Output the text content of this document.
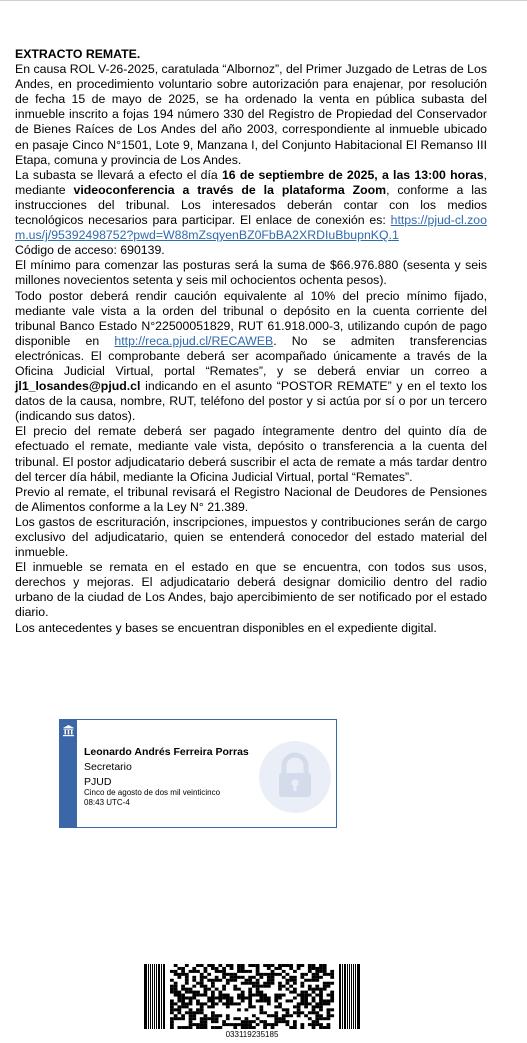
EXTRACTO REMATE.

En causa ROL V-26-2025, caratulada “Albornoz”, del Primer Juzgado de Letras de Los Andes, en procedimiento voluntario sobre autorización para enajenar, por resolución de fecha 15 de mayo de 2025, se ha ordenado la venta en pública subasta del inmueble inscrito a fojas 194 número 330 del Registro de Propiedad del Conservador de Bienes Raíces de Los Andes del año 2003, correspondiente al inmueble ubicado en pasaje Cinco N°1501, Lote 9, Manzana I, del Conjunto Habitacional El Remanso III Etapa, comuna y provincia de Los Andes.

La subasta se llevará a efecto el día 16 de septiembre de 2025, a las 13:00 horas, mediante videoconferencia a través de la plataforma Zoom, conforme a las instrucciones del tribunal. Los interesados deberán contar con los medios tecnológicos necesarios para participar. El enlace de conexión es: https://pjud-cl.zoom.us/j/95392498752?pwd=W88mZsqyenBZ0FbBA2XRDIuBbupnKQ.1

Código de acceso: 690139.

El mínimo para comenzar las posturas será la suma de $66.976.880 (sesenta y seis millones novecientos setenta y seis mil ochocientos ochenta pesos).

Todo postor deberá rendir caución equivalente al 10% del precio mínimo fijado, mediante vale vista a la orden del tribunal o depósito en la cuenta corriente del tribunal Banco Estado N°22500051829, RUT 61.918.000-3, utilizando cupón de pago disponible en http://reca.pjud.cl/RECAWEB. No se admiten transferencias electrónicas. El comprobante deberá ser acompañado únicamente a través de la Oficina Judicial Virtual, portal “Remates”, y se deberá enviar un correo a jl1_losandes@pjud.cl indicando en el asunto “POSTOR REMATE” y en el texto los datos de la causa, nombre, RUT, teléfono del postor y si actúa por sí o por un tercero (indicando sus datos).

El precio del remate deberá ser pagado íntegramente dentro del quinto día de efectuado el remate, mediante vale vista, depósito o transferencia a la cuenta del tribunal. El postor adjudicatario deberá suscribir el acta de remate a más tardar dentro del tercer día hábil, mediante la Oficina Judicial Virtual, portal “Remates”.

Previo al remate, el tribunal revisará el Registro Nacional de Deudores de Pensiones de Alimentos conforme a la Ley N° 21.389.

Los gastos de escrituración, inscripciones, impuestos y contribuciones serán de cargo exclusivo del adjudicatario, quien se entenderá conocedor del estado material del inmueble.

El inmueble se remata en el estado en que se encuentra, con todos sus usos, derechos y mejoras. El adjudicatario deberá designar domicilio dentro del radio urbano de la ciudad de Los Andes, bajo apercibimiento de ser notificado por el estado diario.

Los antecedentes y bases se encuentran disponibles en el expediente digital.

Leonardo Andrés Ferreira Porras
Secretario
PJUD
Cinco de agosto de dos mil veinticinco
08:43 UTC-4
033119235185
